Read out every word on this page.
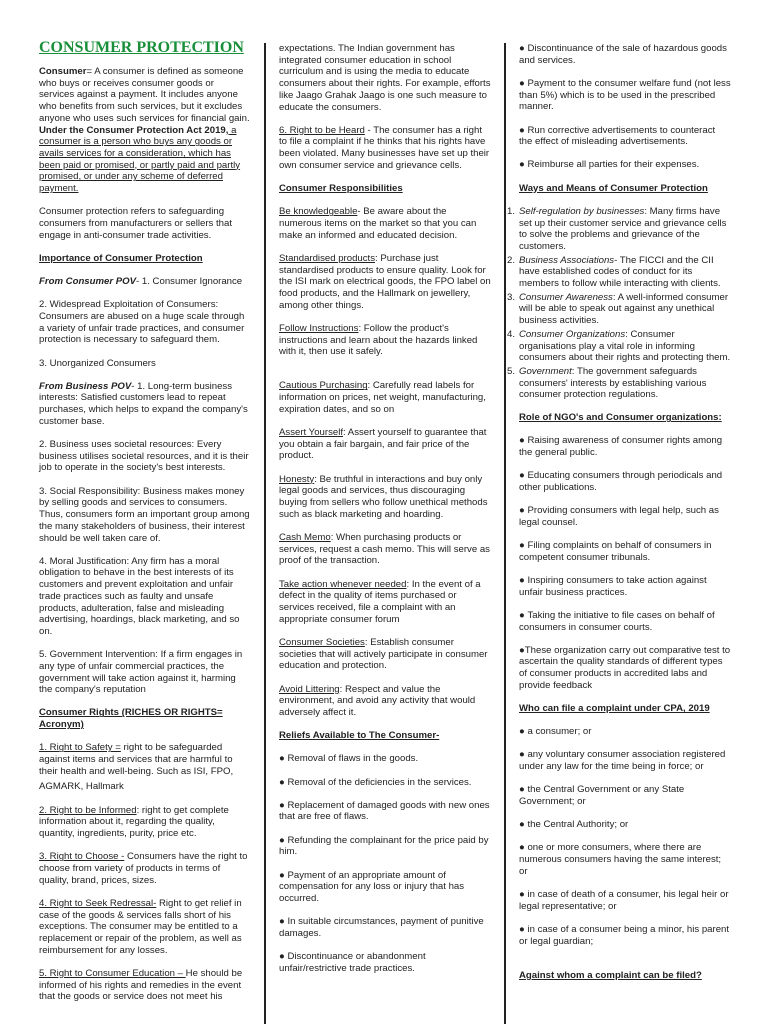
CONSUMER PROTECTION

Consumer= A consumer is defined as someone who buys or receives consumer goods or services against a payment. It includes anyone who benefits from such services, but it excludes anyone who uses such services for financial gain. Under the Consumer Protection Act 2019, a consumer is a person who buys any goods or avails services for a consideration, which has been paid or promised, or partly paid and partly promised, or under any scheme of deferred payment.

Consumer protection refers to safeguarding consumers from manufacturers or sellers that engage in anti-consumer trade activities.

Importance of Consumer Protection

From Consumer POV- 1. Consumer Ignorance

2. Widespread Exploitation of Consumers: Consumers are abused on a huge scale through a variety of unfair trade practices, and consumer protection is necessary to safeguard them.

3. Unorganized Consumers

From Business POV- 1. Long-term business interests: Satisfied customers lead to repeat purchases, which helps to expand the company's customer base.

2. Business uses societal resources: Every business utilises societal resources, and it is their job to operate in the society's best interests.

3. Social Responsibility: Business makes money by selling goods and services to consumers. Thus, consumers form an important group among the many stakeholders of business, their interest should be well taken care of.

4. Moral Justification: Any firm has a moral obligation to behave in the best interests of its customers and prevent exploitation and unfair trade practices such as faulty and unsafe products, adulteration, false and misleading advertising, hoardings, black marketing, and so on.

5. Government Intervention: If a firm engages in any type of unfair commercial practices, the government will take action against it, harming the company's reputation

Consumer Rights (RICHES OR RIGHTS= Acronym)

1. Right to Safety = right to be safeguarded against items and services that are harmful to their health and well-being. Such as ISI, FPO,

AGMARK, Hallmark

2. Right to be Informed: right to get complete information about it, regarding the quality, quantity, ingredients, purity, price etc.

3. Right to Choose - Consumers have the right to choose from variety of products in terms of quality, brand, prices, sizes.

4. Right to Seek Redressal- Right to get relief in case of the goods & services falls short of his exceptions. The consumer may be entitled to a replacement or repair of the problem, as well as reimbursement for any losses.

5. Right to Consumer Education – He should be informed of his rights and remedies in the event that the goods or service does not meet his

expectations. The Indian government has integrated consumer education in school curriculum and is using the media to educate consumers about their rights. For example, efforts like Jaago Grahak Jaago is one such measure to educate the consumers.

6. Right to be Heard - The consumer has a right to file a complaint if he thinks that his rights have been violated. Many businesses have set up their own consumer service and grievance cells.

Consumer Responsibilities

Be knowledgeable- Be aware about the numerous items on the market so that you can make an informed and educated decision.

Standardised products: Purchase just standardised products to ensure quality. Look for the ISI mark on electrical goods, the FPO label on food products, and the Hallmark on jewellery, among other things.

Follow Instructions: Follow the product's instructions and learn about the hazards linked with it, then use it safely.

Cautious Purchasing: Carefully read labels for information on prices, net weight, manufacturing, expiration dates, and so on

Assert Yourself: Assert yourself to guarantee that you obtain a fair bargain, and fair price of the product.

Honesty: Be truthful in interactions and buy only legal goods and services, thus discouraging buying from sellers who follow unethical methods such as black marketing and hoarding.

Cash Memo: When purchasing products or services, request a cash memo. This will serve as proof of the transaction.

Take action whenever needed: In the event of a defect in the quality of items purchased or services received, file a complaint with an appropriate consumer forum

Consumer Societies: Establish consumer societies that will actively participate in consumer education and protection.

Avoid Littering: Respect and value the environment, and avoid any activity that would adversely affect it.

Reliefs Available to The Consumer-

● Removal of flaws in the goods.

● Removal of the deficiencies in the services.

● Replacement of damaged goods with new ones that are free of flaws.

● Refunding the complainant for the price paid by him.

● Payment of an appropriate amount of compensation for any loss or injury that has occurred.

● In suitable circumstances, payment of punitive damages.

● Discontinuance or abandonment unfair/restrictive trade practices.

● Discontinuance of the sale of hazardous goods and services.

● Payment to the consumer welfare fund (not less than 5%) which is to be used in the prescribed manner.

● Run corrective advertisements to counteract the effect of misleading advertisements.

● Reimburse all parties for their expenses.

Ways and Means of Consumer Protection

1. Self-regulation by businesses: Many firms have set up their customer service and grievance cells to solve the problems and grievance of the customers.
2. Business Associations- The FICCI and the CII have established codes of conduct for its members to follow while interacting with clients.
3. Consumer Awareness: A well-informed consumer will be able to speak out against any unethical business activities.
4. Consumer Organizations: Consumer organisations play a vital role in informing consumers about their rights and protecting them.
5. Government: The government safeguards consumers' interests by establishing various consumer protection regulations.

Role of NGO's and Consumer organizations:

● Raising awareness of consumer rights among the general public.

● Educating consumers through periodicals and other publications.

● Providing consumers with legal help, such as legal counsel.

● Filing complaints on behalf of consumers in competent consumer tribunals.

● Inspiring consumers to take action against unfair business practices.

● Taking the initiative to file cases on behalf of consumers in consumer courts.

●These organization carry out comparative test to ascertain the quality standards of different types of consumer products in accredited labs and provide feedback

Who can file a complaint under CPA, 2019

● a consumer; or

● any voluntary consumer association registered under any law for the time being in force; or

● the Central Government or any State Government; or

● the Central Authority; or

● one or more consumers, where there are numerous consumers having the same interest; or

● in case of death of a consumer, his legal heir or legal representative; or

● in case of a consumer being a minor, his parent or legal guardian;

Against whom a complaint can be filed?
